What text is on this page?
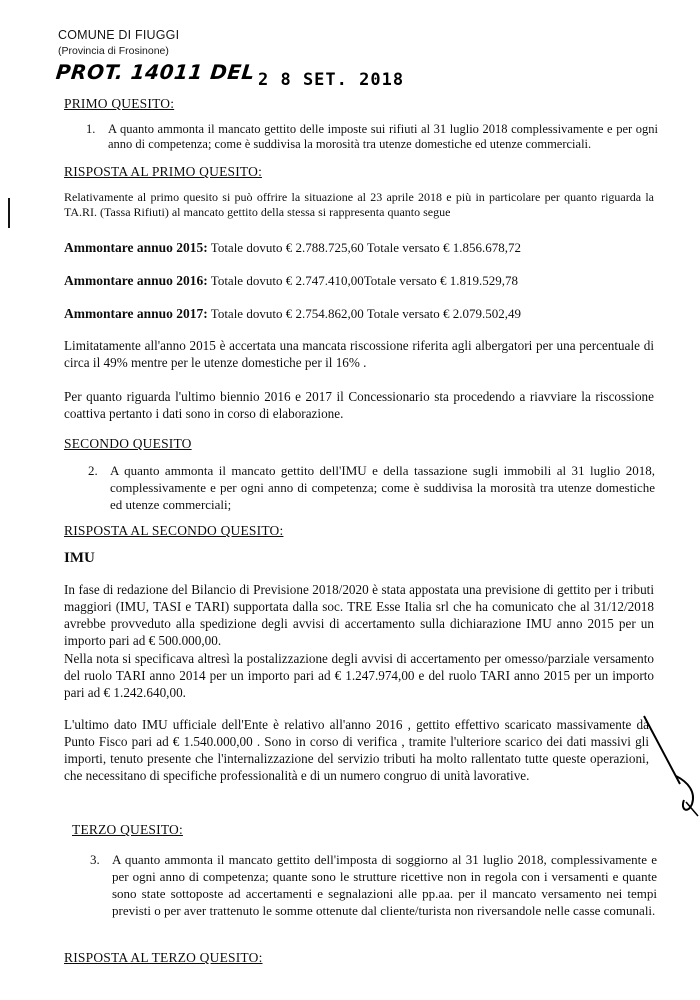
COMUNE DI FIUGGI
(Provincia di Frosinone)
PROT. 14011 DEL 2 8 SET. 2018
PRIMO QUESITO:
1. A quanto ammonta il mancato gettito delle imposte sui rifiuti al 31 luglio 2018 complessivamente e per ogni anno di competenza; come è suddivisa la morosità tra utenze domestiche ed utenze commerciali.
RISPOSTA AL PRIMO QUESITO:
Relativamente al primo quesito si può offrire la situazione al 23 aprile 2018 e più in particolare per quanto riguarda la TA.RI. (Tassa Rifiuti) al mancato gettito della stessa si rappresenta quanto segue
Ammontare annuo 2015: Totale dovuto € 2.788.725,60 Totale versato € 1.856.678,72
Ammontare annuo 2016: Totale dovuto € 2.747.410,00Totale versato € 1.819.529,78
Ammontare annuo 2017: Totale dovuto € 2.754.862,00 Totale versato € 2.079.502,49
Limitatamente all'anno 2015 è accertata una mancata riscossione riferita agli albergatori per una percentuale di circa il 49% mentre per le utenze domestiche per il 16% .
Per quanto riguarda l'ultimo biennio 2016 e 2017 il Concessionario sta procedendo a riavviare la riscossione coattiva pertanto i dati sono in corso di elaborazione.
SECONDO QUESITO
2. A quanto ammonta il mancato gettito dell'IMU e della tassazione sugli immobili al 31 luglio 2018, complessivamente e per ogni anno di competenza; come è suddivisa la morosità tra utenze domestiche ed utenze commerciali;
RISPOSTA AL SECONDO QUESITO:
IMU
In fase di redazione del Bilancio di Previsione 2018/2020 è stata appostata una previsione di gettito per i tributi maggiori (IMU, TASI e TARI) supportata dalla soc. TRE Esse Italia srl che ha comunicato che al 31/12/2018 avrebbe provveduto alla spedizione degli avvisi di accertamento sulla dichiarazione IMU anno 2015 per un importo pari ad € 500.000,00.
Nella nota si specificava altresì la postalizzazione degli avvisi di accertamento per omesso/parziale versamento del ruolo TARI anno 2014 per un importo pari ad € 1.247.974,00 e del ruolo TARI anno 2015 per un importo pari ad € 1.242.640,00.
L'ultimo dato IMU ufficiale dell'Ente è relativo all'anno 2016 , gettito effettivo scaricato massivamente da Punto Fisco pari ad € 1.540.000,00 . Sono in corso di verifica , tramite l'ulteriore scarico dei dati massivi gli importi, tenuto presente che l'internalizzazione del servizio tributi ha molto rallentato tutte queste operazioni, che necessitano di specifiche professionalità e di un numero congruo di unità lavorative.
TERZO QUESITO:
3. A quanto ammonta il mancato gettito dell'imposta di soggiorno al 31 luglio 2018, complessivamente e per ogni anno di competenza; quante sono le strutture ricettive non in regola con i versamenti e quante sono state sottoposte ad accertamenti e segnalazioni alle pp.aa. per il mancato versamento nei tempi previsti o per aver trattenuto le somme ottenute dal cliente/turista non riversandole nelle casse comunali.
RISPOSTA AL TERZO QUESITO:
